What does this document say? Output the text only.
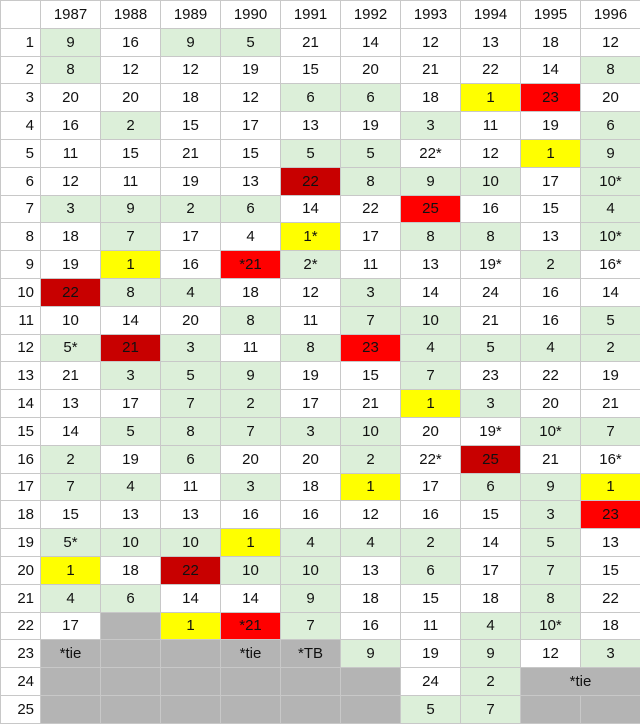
	1987	1988	1989	1990	1991	1992	1993	1994	1995	1996
1	9	16	9	5	21	14	12	13	18	12
2	8	12	12	19	15	20	21	22	14	8
3	20	20	18	12	6	6	18	1	23	20
4	16	2	15	17	13	19	3	11	19	6
5	11	15	21	15	5	5	22*	12	1	9
6	12	11	19	13	22	8	9	10	17	10*
7	3	9	2	6	14	22	25	16	15	4
8	18	7	17	4	1*	17	8	8	13	10*
9	19	1	16	*21	2*	11	13	19*	2	16*
10	22	8	4	18	12	3	14	24	16	14
11	10	14	20	8	11	7	10	21	16	5
12	5*	21	3	11	8	23	4	5	4	2
13	21	3	5	9	19	15	7	23	22	19
14	13	17	7	2	17	21	1	3	20	21
15	14	5	8	7	3	10	20	19*	10*	7
16	2	19	6	20	20	2	22*	25	21	16*
17	7	4	11	3	18	1	17	6	9	1
18	15	13	13	16	16	12	16	15	3	23
19	5*	10	10	1	4	4	2	14	5	13
20	1	18	22	10	10	13	6	17	7	15
21	4	6	14	14	9	18	15	18	8	22
22	17		1	*21	7	16	11	4	10*	18
23	*tie			*tie	*TB	9	19	9	12	3
24							24	2	*tie	
25							5	7		
